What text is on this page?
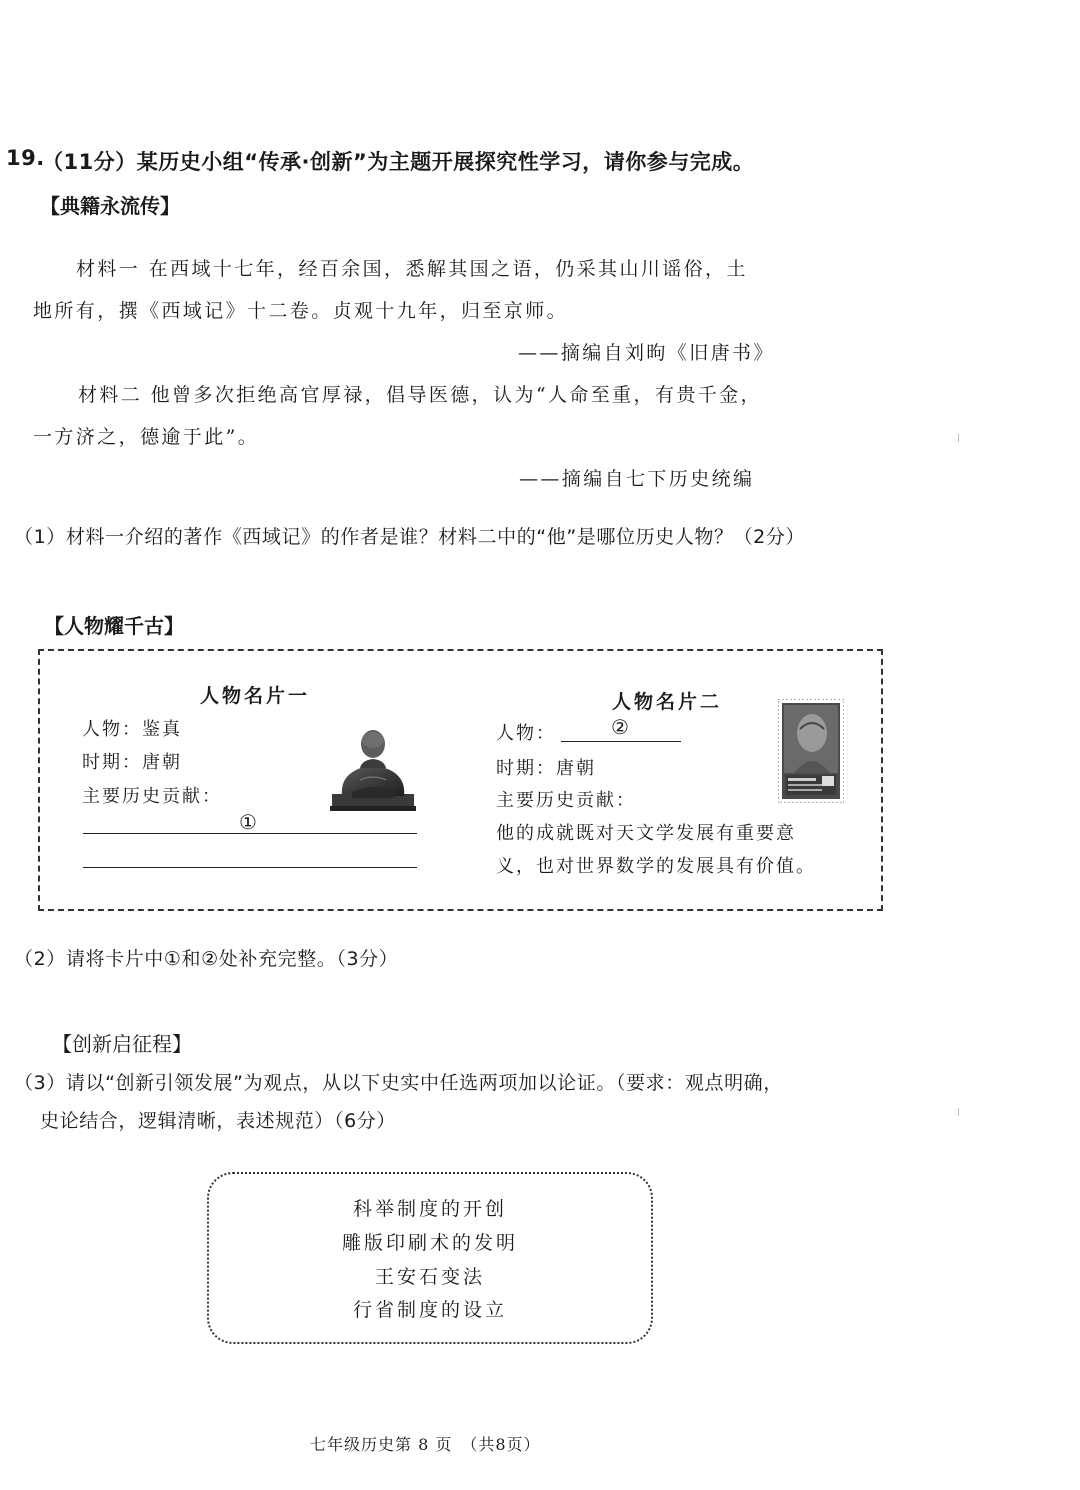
19.
（11分）某历史小组“传承·创新”为主题开展探究性学习，请你参与完成。
【典籍永流传】
材料一 在西域十七年，经百余国，悉解其国之语，仍采其山川谣俗，土
地所有，撰《西域记》十二卷。贞观十九年，归至京师。
——摘编自刘昫《旧唐书》
材料二 他曾多次拒绝高官厚禄，倡导医德，认为“人命至重，有贵千金，
一方济之，德逾于此”。
——摘编自七下历史统编
（1）材料一介绍的著作《西域记》的作者是谁？材料二中的“他”是哪位历史人物？（2分）
【人物耀千古】
人物名片一
人物：鉴真
时期：唐朝
主要历史贡献：
①
人物名片二
人物：	②
时期：唐朝
主要历史贡献：
他的成就既对天文学发展有重要意
义，也对世界数学的发展具有价值。
（2）请将卡片中①和②处补充完整。（3分）
【创新启征程】
（3）请以“创新引领发展”为观点，从以下史实中任选两项加以论证。（要求：观点明确，
史论结合，逻辑清晰，表述规范）（6分）
科举制度的开创
雕版印刷术的发明
王安石变法
行省制度的设立
七年级历史第 8 页　（共8页）
